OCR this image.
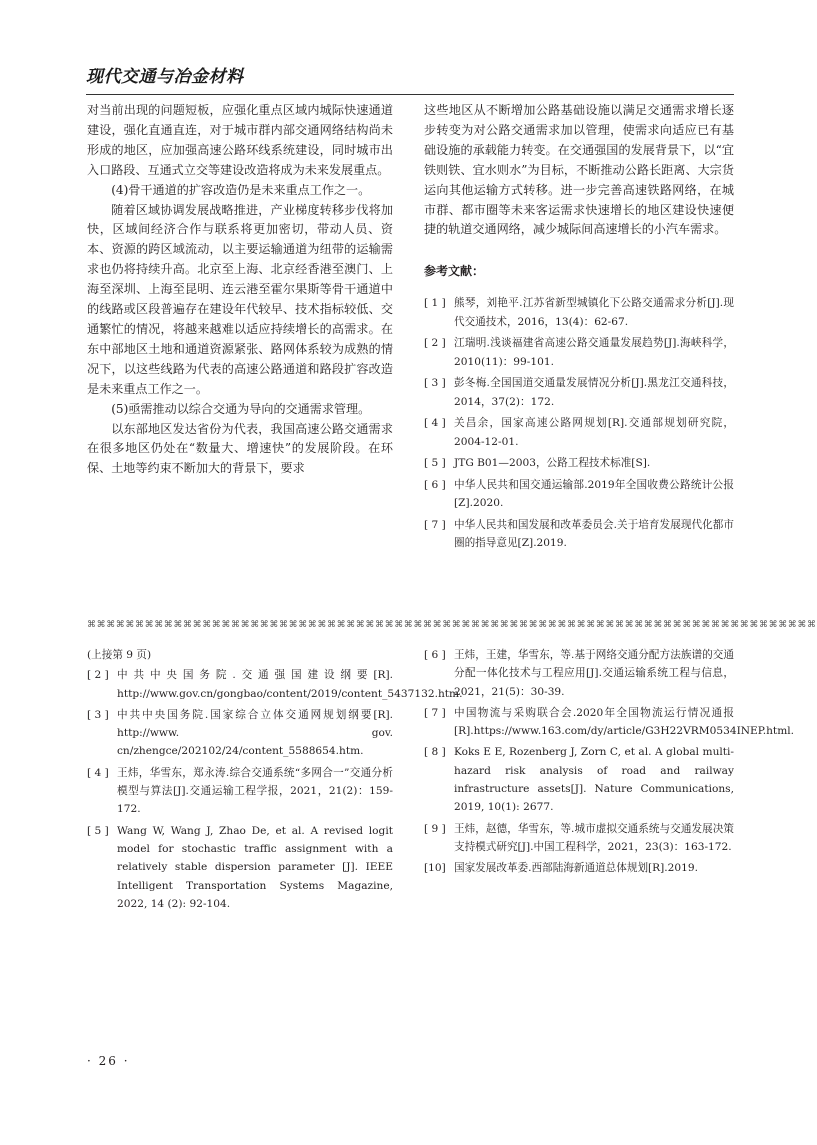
现代交通与冶金材料

对当前出现的问题短板，应强化重点区域内城际快速通道建设，强化直通直连，对于城市群内部交通网络结构尚未形成的地区，应加强高速公路环线系统建设，同时城市出入口路段、互通式立交等建设改造将成为未来发展重点。

(4)骨干通道的扩容改造仍是未来重点工作之一。

随着区域协调发展战略推进，产业梯度转移步伐将加快，区域间经济合作与联系将更加密切，带动人员、资本、资源的跨区域流动，以主要运输通道为纽带的运输需求也仍将持续升高。北京至上海、北京经香港至澳门、上海至深圳、上海至昆明、连云港至霍尔果斯等骨干通道中的线路或区段普遍存在建设年代较早、技术指标较低、交通繁忙的情况，将越来越难以适应持续增长的高需求。在东中部地区土地和通道资源紧张、路网体系较为成熟的情况下，以这些线路为代表的高速公路通道和路段扩容改造是未来重点工作之一。

(5)亟需推动以综合交通为导向的交通需求管理。

以东部地区发达省份为代表，我国高速公路交通需求在很多地区仍处在“数量大、增速快”的发展阶段。在环保、土地等约束不断加大的背景下，要求

这些地区从不断增加公路基础设施以满足交通需求增长逐步转变为对公路交通需求加以管理，使需求向适应已有基础设施的承载能力转变。在交通强国的发展背景下，以“宜铁则铁、宜水则水”为目标，不断推动公路长距离、大宗货运向其他运输方式转移。进一步完善高速铁路网络，在城市群、都市圈等未来客运需求快速增长的地区建设快速便捷的轨道交通网络，减少城际间高速增长的小汽车需求。

参考文献：

[ 1 ] 熊琴，刘艳平.江苏省新型城镇化下公路交通需求分析[J].现代交通技术，2016，13(4)：62-67.
[ 2 ] 江瑞明.浅谈福建省高速公路交通量发展趋势[J].海峡科学，2010(11)：99-101.
[ 3 ] 彭冬梅.全国国道交通量发展情况分析[J].黑龙江交通科技，2014，37(2)：172.
[ 4 ] 关昌余，国家高速公路网规划[R].交通部规划研究院，2004-12-01.
[ 5 ] JTG B01—2003，公路工程技术标准[S].
[ 6 ] 中华人民共和国交通运输部.2019年全国收费公路统计公报[Z].2020.
[ 7 ] 中华人民共和国发展和改革委员会.关于培育发展现代化都市圈的指导意见[Z].2019.
⌘⌘⌘⌘⌘⌘⌘⌘⌘⌘⌘⌘⌘⌘⌘⌘⌘⌘⌘⌘⌘⌘⌘⌘⌘⌘⌘⌘⌘⌘⌘⌘⌘⌘⌘⌘⌘⌘⌘⌘⌘⌘⌘⌘⌘⌘⌘⌘⌘⌘⌘⌘⌘⌘⌘⌘⌘⌘⌘⌘⌘⌘⌘⌘⌘⌘⌘⌘⌘⌘⌘⌘⌘⌘⌘⌘
(上接第 9 页)
[ 2 ] 中共中央国务院.交通强国建设纲要[R]. http://www.gov.cn/gongbao/content/2019/content_5437132.htm.
[ 3 ] 中共中央国务院.国家综合立体交通网规划纲要[R]. http://www. gov. cn/zhengce/202102/24/content_5588654.htm.
[ 4 ] 王炜，华雪东，郑永涛.综合交通系统“多网合一”交通分析模型与算法[J].交通运输工程学报，2021，21(2)：159-172.
[ 5 ] Wang W, Wang J, Zhao De, et al. A revised logit model for stochastic traffic assignment with a relatively stable dispersion parameter [J]. IEEE Intelligent Transportation Systems Magazine, 2022, 14 (2): 92-104.
[ 6 ] 王炜，王建，华雪东，等.基于网络交通分配方法族谱的交通分配一体化技术与工程应用[J].交通运输系统工程与信息，2021，21(5)：30-39.
[ 7 ] 中国物流与采购联合会.2020年全国物流运行情况通报[R].https://www.163.com/dy/article/G3H22VRM0534INEP.html.
[ 8 ] Koks E E, Rozenberg J, Zorn C, et al. A global multi-hazard risk analysis of road and railway infrastructure assets[J]. Nature Communications, 2019, 10(1): 2677.
[ 9 ] 王炜，赵德，华雪东，等.城市虚拟交通系统与交通发展决策支持模式研究[J].中国工程科学，2021，23(3)：163-172.
[10] 国家发展改革委.西部陆海新通道总体规划[R].2019.
· 26 ·
